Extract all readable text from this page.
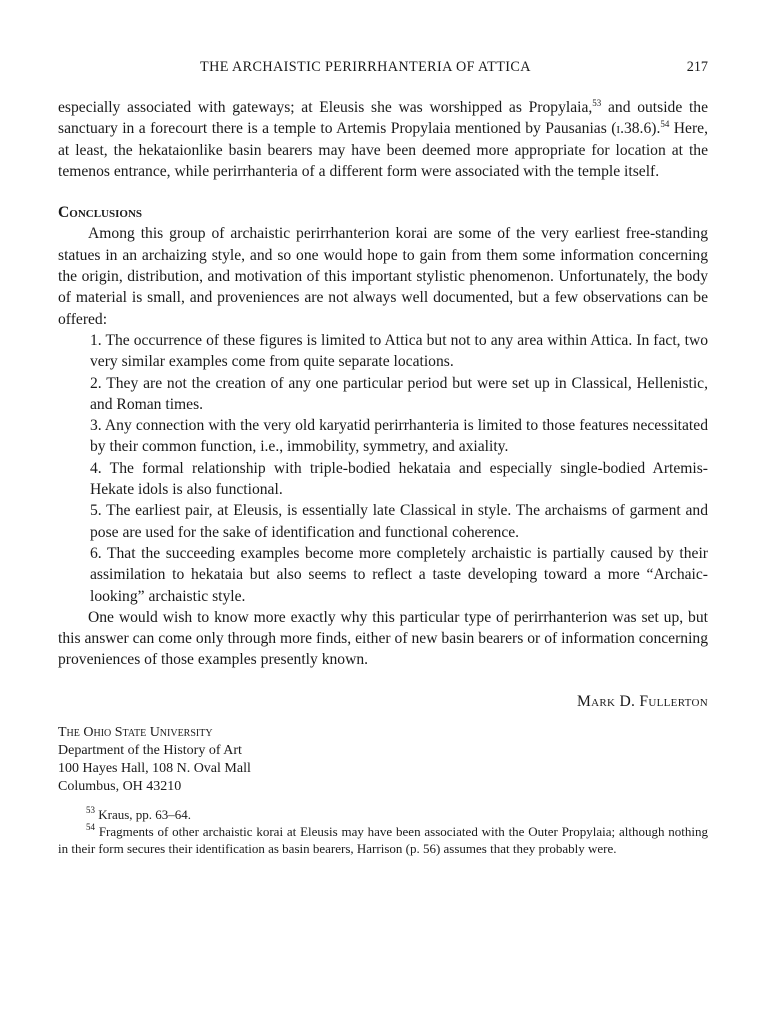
THE ARCHAISTIC PERIRRHANTERIA OF ATTICA	217

especially associated with gateways; at Eleusis she was worshipped as Propylaia,$^{53}$ and outside the sanctuary in a forecourt there is a temple to Artemis Propylaia mentioned by Pausanias (i.38.6).$^{54}$ Here, at least, the hekataionlike basin bearers may have been deemed more appropriate for location at the temenos entrance, while perirrhanteria of a different form were associated with the temple itself.

Conclusions

Among this group of archaistic perirrhanterion korai are some of the very earliest free-standing statues in an archaizing style, and so one would hope to gain from them some information concerning the origin, distribution, and motivation of this important stylistic phenomenon. Unfortunately, the body of material is small, and proveniences are not always well documented, but a few observations can be offered:

1. The occurrence of these figures is limited to Attica but not to any area within Attica. In fact, two very similar examples come from quite separate locations.
2. They are not the creation of any one particular period but were set up in Classical, Hellenistic, and Roman times.
3. Any connection with the very old karyatid perirrhanteria is limited to those features necessitated by their common function, i.e., immobility, symmetry, and axiality.
4. The formal relationship with triple-bodied hekataia and especially single-bodied Artemis-Hekate idols is also functional.
5. The earliest pair, at Eleusis, is essentially late Classical in style. The archaisms of garment and pose are used for the sake of identification and functional coherence.
6. That the succeeding examples become more completely archaistic is partially caused by their assimilation to hekataia but also seems to reflect a taste developing toward a more “Archaic-looking” archaistic style.

One would wish to know more exactly why this particular type of perirrhanterion was set up, but this answer can come only through more finds, either of new basin bearers or of information concerning proveniences of those examples presently known.

Mark D. Fullerton
The Ohio State University
Department of the History of Art
100 Hayes Hall, 108 N. Oval Mall
Columbus, OH 43210

$^{53}$ Kraus, pp. 63–64.

$^{54}$ Fragments of other archaistic korai at Eleusis may have been associated with the Outer Propylaia; although nothing in their form secures their identification as basin bearers, Harrison (p. 56) assumes that they probably were.
